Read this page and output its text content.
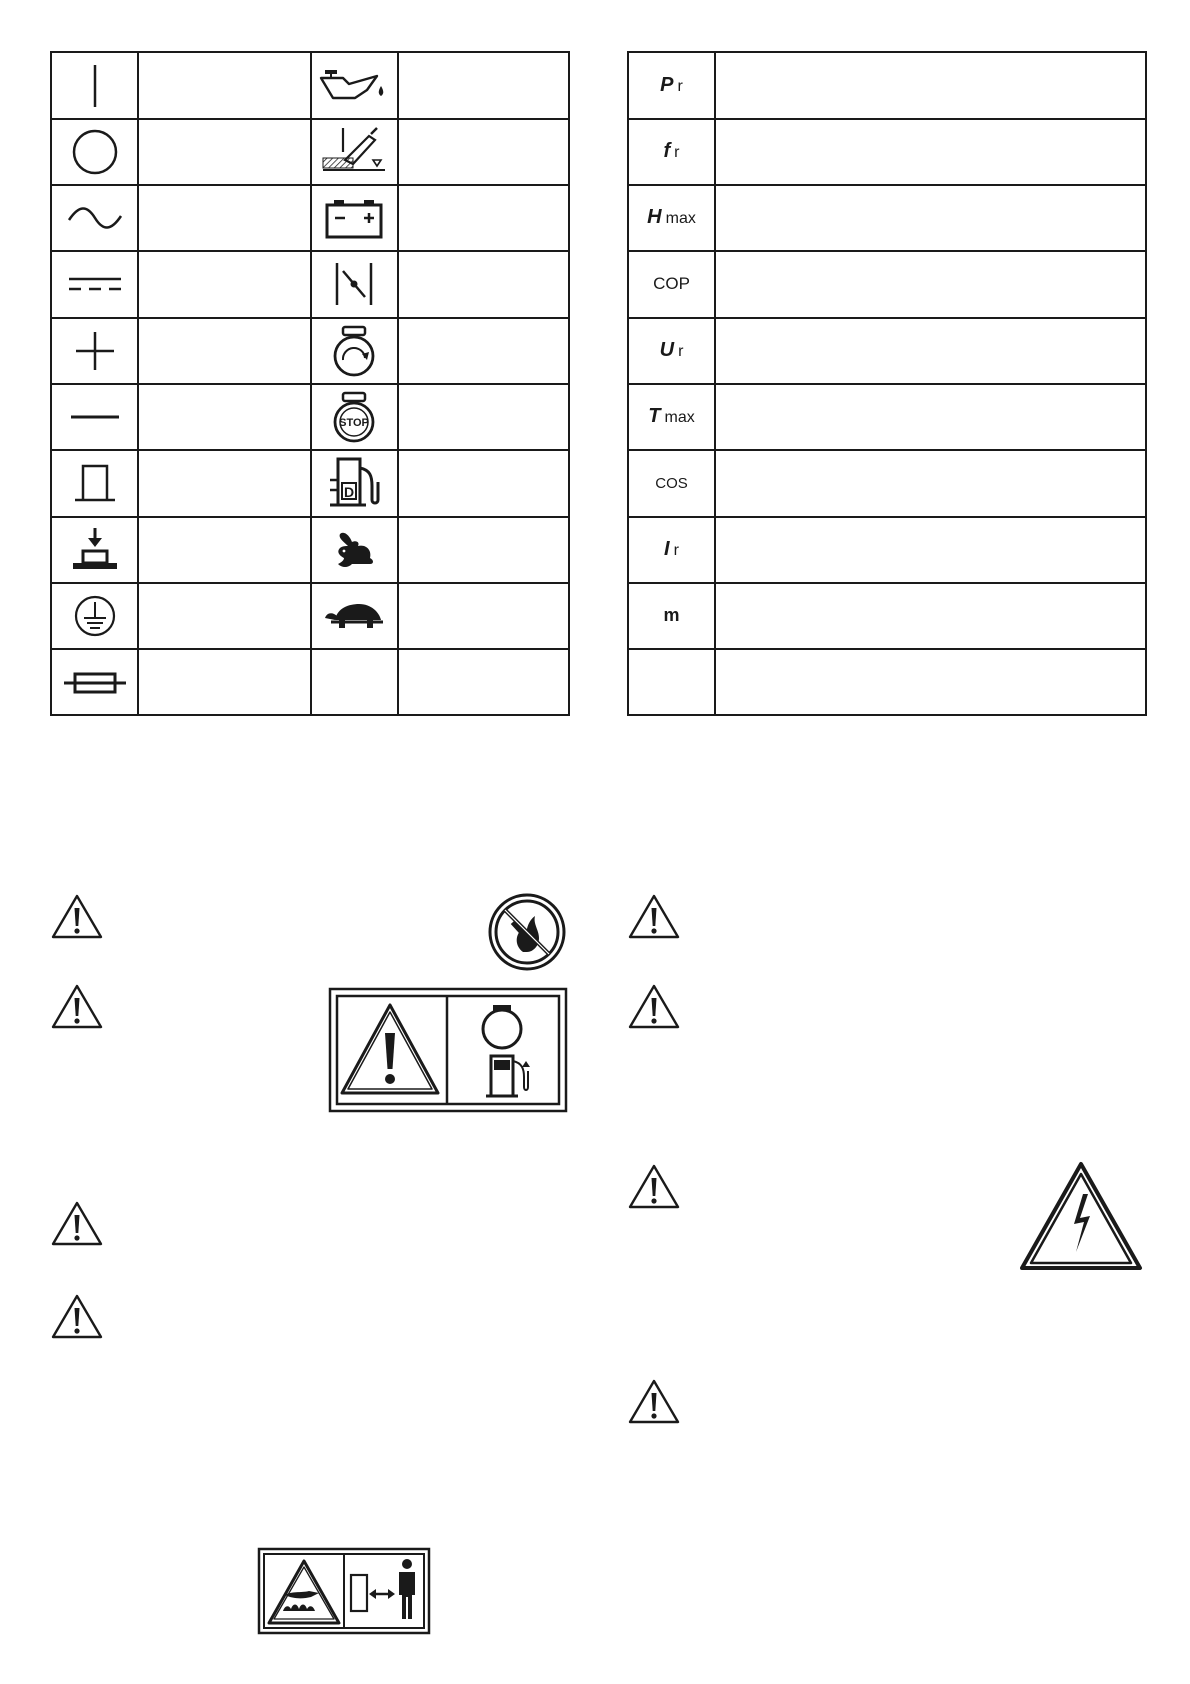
STOP
D
P r
f r
H max
COP
U r
T max
COS
I r
m
